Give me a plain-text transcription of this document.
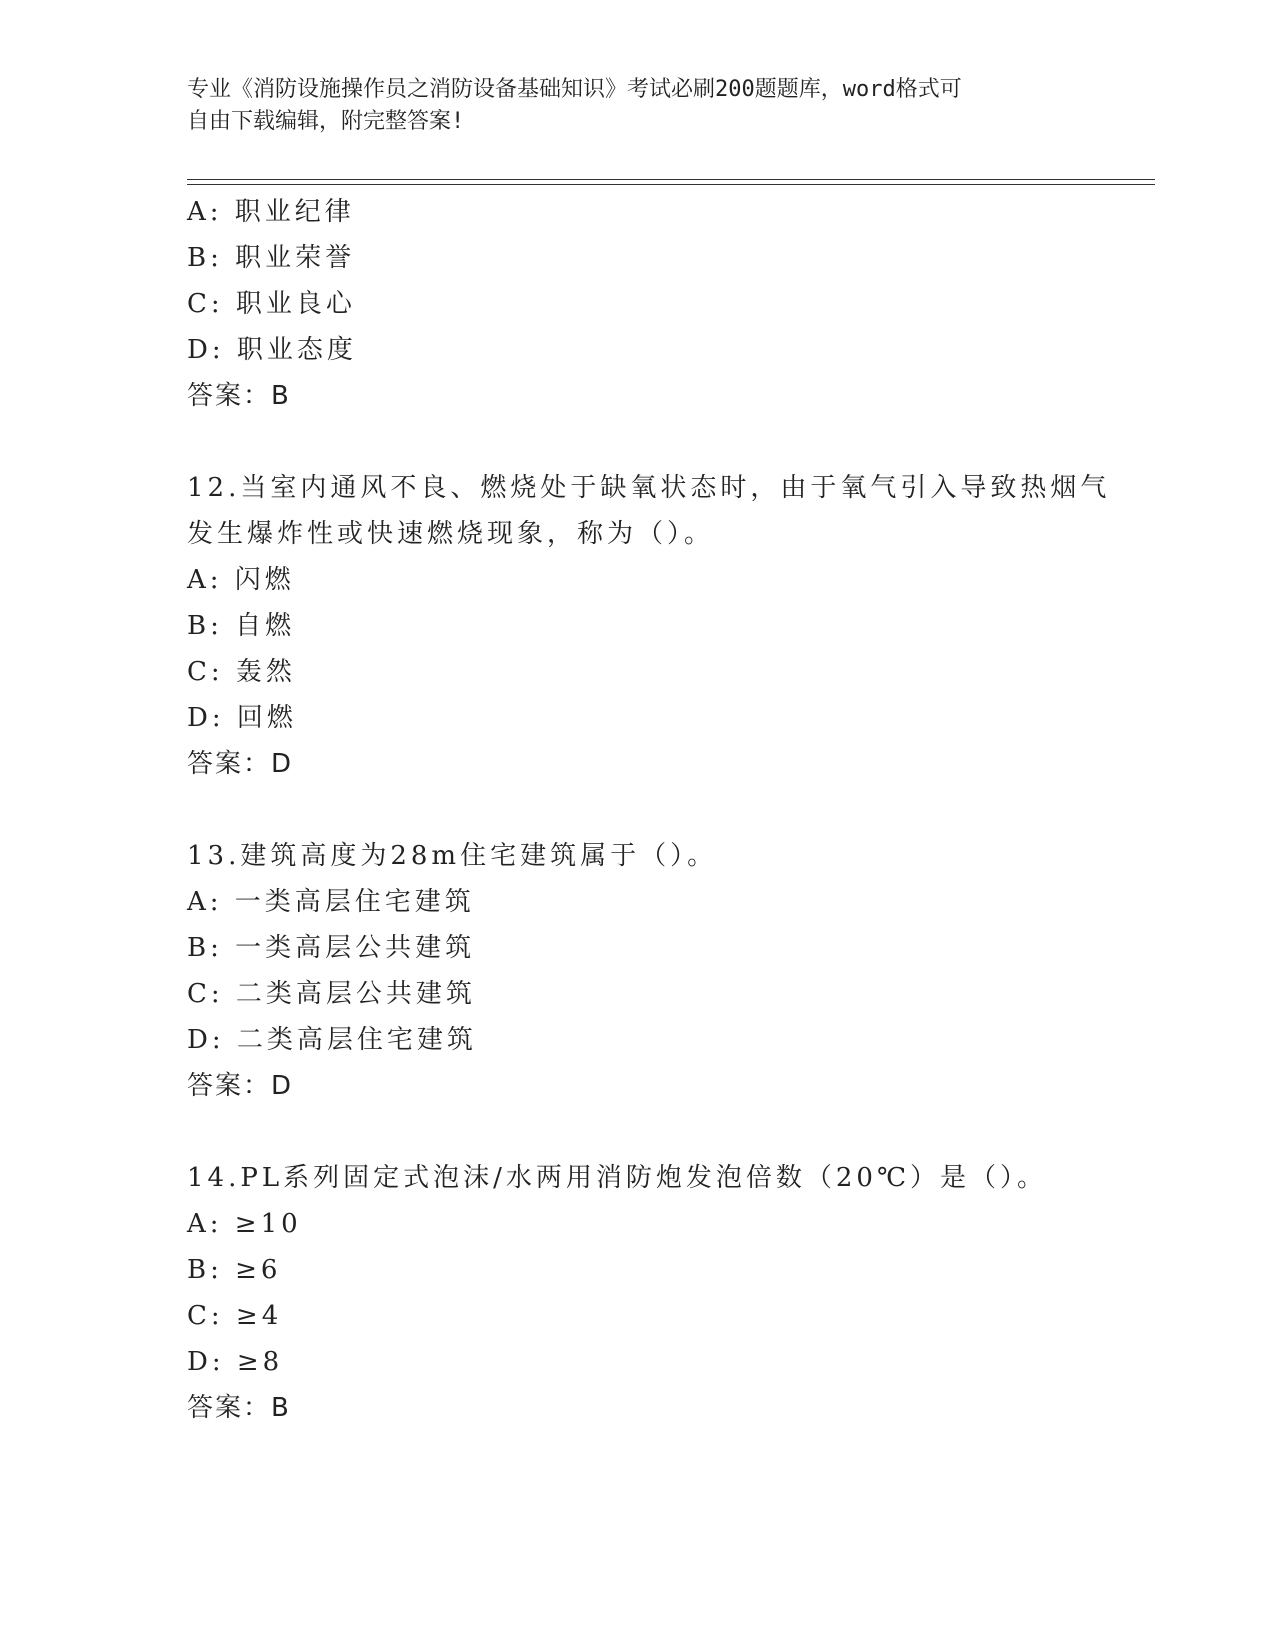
专业《消防设施操作员之消防设备基础知识》考试必刷200题题库，word格式可
自由下载编辑，附完整答案!
A: 职业纪律
B: 职业荣誉
C: 职业良心
D: 职业态度
答案：B
12.当室内通风不良、燃烧处于缺氧状态时，由于氧气引入导致热烟气
发生爆炸性或快速燃烧现象，称为（）。
A: 闪燃
B: 自燃
C: 轰然
D: 回燃
答案：D
13.建筑高度为28m住宅建筑属于（）。
A: 一类高层住宅建筑
B: 一类高层公共建筑
C: 二类高层公共建筑
D: 二类高层住宅建筑
答案：D
14.PL系列固定式泡沫/水两用消防炮发泡倍数（20℃）是（）。
A: ≥10
B: ≥6
C: ≥4
D: ≥8
答案：B
